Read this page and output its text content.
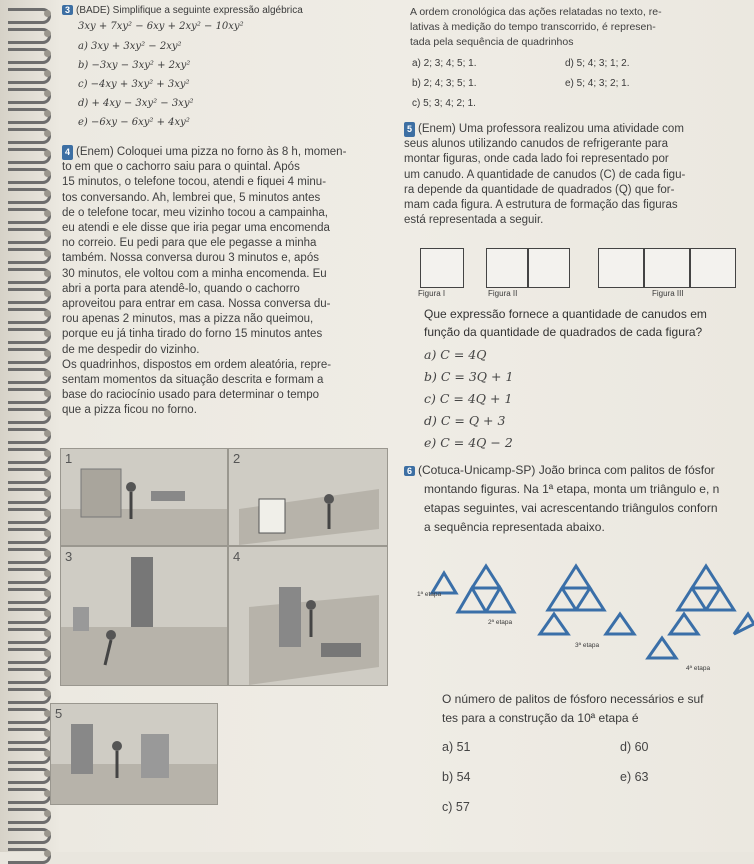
3 (BADE) Simplifique a seguinte expressão algébrica
3xy + 7xy² − 6xy + 2xy² − 10xy²
a) 3xy + 3xy² − 2xy²
b) −3xy − 3xy² + 2xy²
c) −4xy + 3xy² + 3xy²
d) + 4xy − 3xy² − 3xy²
e) −6xy − 6xy² + 4xy²

4 (Enem) Coloquei uma pizza no forno às 8 h, momen-

to em que o cachorro saiu para o quintal. Após

15 minutos, o telefone tocou, atendi e fiquei 4 minu-

tos conversando. Ah, lembrei que, 5 minutos antes

de o telefone tocar, meu vizinho tocou a campainha,

eu atendi e ele disse que iria pegar uma encomenda

no correio. Eu pedi para que ele pegasse a minha

também. Nossa conversa durou 3 minutos e, após

30 minutos, ele voltou com a minha encomenda. Eu

abri a porta para atendê-lo, quando o cachorro

aproveitou para entrar em casa. Nossa conversa du-

rou apenas 2 minutos, mas a pizza não queimou,

porque eu já tinha tirado do forno 15 minutos antes

de me despedir do vizinho.

Os quadrinhos, dispostos em ordem aleatória, repre-

sentam momentos da situação descrita e formam a

base do raciocínio usado para determinar o tempo

que a pizza ficou no forno.

1	2
3	4
5

A ordem cronológica das ações relatadas no texto, re-

lativas à medição do tempo transcorrido, é represen-

tada pela sequência de quadrinhos

a) 2; 3; 4; 5; 1.
b) 2; 4; 3; 5; 1.
c) 5; 3; 4; 2; 1.
d) 5; 4; 3; 1; 2.
e) 5; 4; 3; 2; 1.

5 (Enem) Uma professora realizou uma atividade com

seus alunos utilizando canudos de refrigerante para

montar figuras, onde cada lado foi representado por

um canudo. A quantidade de canudos (C) de cada figu-

ra depende da quantidade de quadrados (Q) que for-

mam cada figura. A estrutura de formação das figuras

está representada a seguir.

Figura I	Figura II	Figura III
Que expressão fornece a quantidade de canudos em
função da quantidade de quadrados de cada figura?
a) C = 4Q
b) C = 3Q + 1
c) C = 4Q + 1
d) C = Q + 3
e) C = 4Q − 2
6 (Cotuca-Unicamp-SP) João brinca com palitos de fósfor
montando figuras. Na 1ª etapa, monta um triângulo e, n
etapas seguintes, vai acrescentando triângulos conforn
a sequência representada abaixo.
1ª etapa
2ª etapa
3ª etapa
4ª etapa
O número de palitos de fósforo necessários e suf
tes para a construção da 10ª etapa é
a) 51
b) 54
c) 57
d) 60
e) 63
